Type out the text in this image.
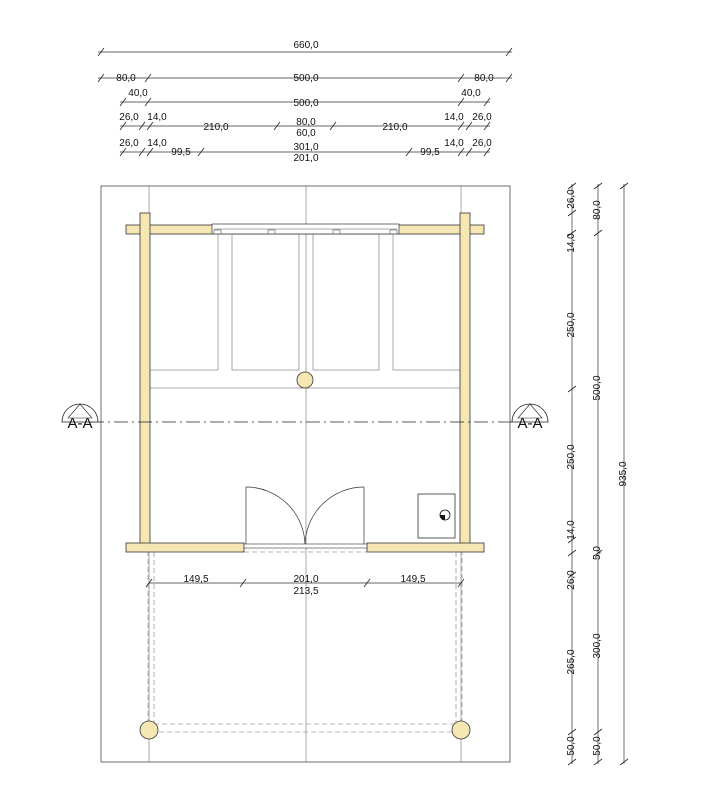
A-A	A-A
660,0
80,0	500,0	80,0
40,0
500,0
40,0
26,0 14,0
210,0	80,0
60,0
210,0
14,0 26,0
26,0 14,0
99,5	301,0
201,0
99,5
14,0 26,0
149,5	201,0
213,5
149,5
26,0
14,0
250,0
250,0
14,0
26,0
265,0
50,0
80,0
500,0
5,0
300,0
50,0
935,0
